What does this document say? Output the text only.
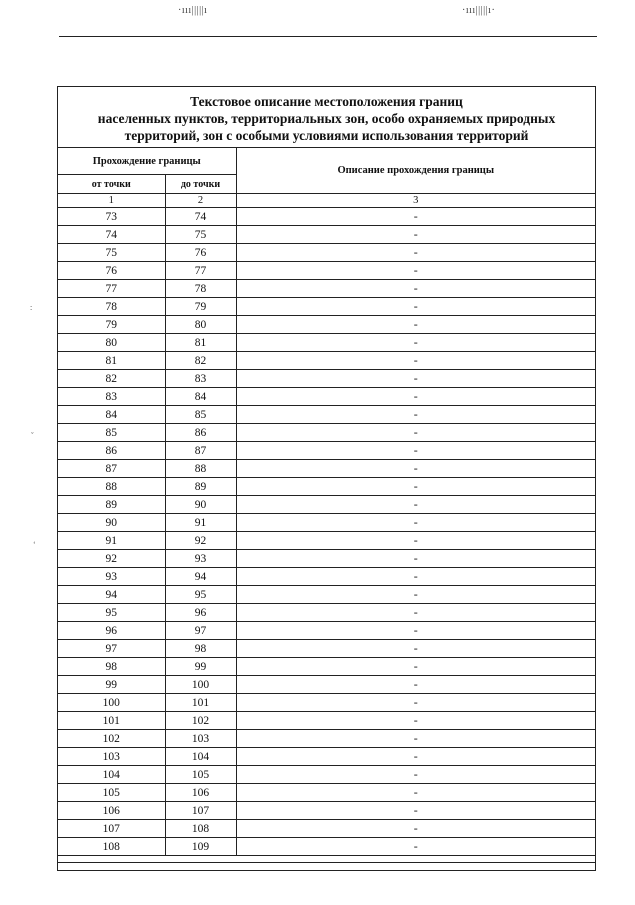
·ııı|||||ı	·ııı|||||ı·
:
ˇ
‘
Текстовое описание местоположения границ
населенных пунктов, территориальных зон, особо охраняемых природных
территорий, зон с особыми условиями использования территорий
Прохождение границы		Описание прохождения границы
от точки	до точки	
1	2	3
73	74	-
74	75	-
75	76	-
76	77	-
77	78	-
78	79	-
79	80	-
80	81	-
81	82	-
82	83	-
83	84	-
84	85	-
85	86	-
86	87	-
87	88	-
88	89	-
89	90	-
90	91	-
91	92	-
92	93	-
93	94	-
94	95	-
95	96	-
96	97	-
97	98	-
98	99	-
99	100	-
100	101	-
101	102	-
102	103	-
103	104	-
104	105	-
105	106	-
106	107	-
107	108	-
108	109	-
